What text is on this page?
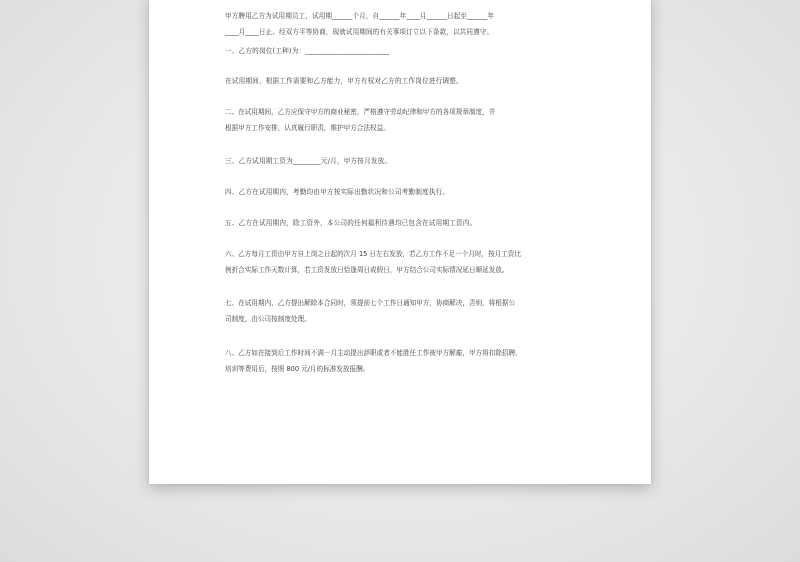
甲方聘用乙方为试用期员工，试用期______个月，自______年____月______日起至______年
____月____日止。经双方平等协商，现就试用期间的有关事项订立以下条款，以共同遵守。

一、乙方的岗位(工种)为：________________________

在试用期间，根据工作需要和乙方能力，甲方有权对乙方的工作岗位进行调整。

二、在试用期间，乙方应保守甲方的商业秘密，严格遵守劳动纪律和甲方的各项规章制度，并
根据甲方工作安排，认真履行职责，维护甲方合法权益。

三、乙方试用期工资为________元/月，甲方按月发放。

四、乙方在试用期内，考勤均由甲方按实际出勤状况和公司考勤制度执行。

五、乙方在试用期内，除工资外，本公司的任何福利待遇均已包含在试用期工资内。

六、乙方每月工资由甲方自上岗之日起的次月 15 日左右发放，若乙方工作不足一个月时，按月工资比
例折合实际工作天数计算，若工资发放日恰逢周日或假日，甲方结合公司实际情况延日顺延发放。

七、在试用期内，乙方提出解除本合同时，须提前七个工作日通知甲方，协商解决，否则，将根据公
司制度，由公司按制度处理。

八、乙方如在接到后工作时间不满一月主动提出辞职或者不能胜任工作被甲方解雇，甲方将扣除招聘、
培训等费用后，按照 800 元/月的标准发放报酬。
